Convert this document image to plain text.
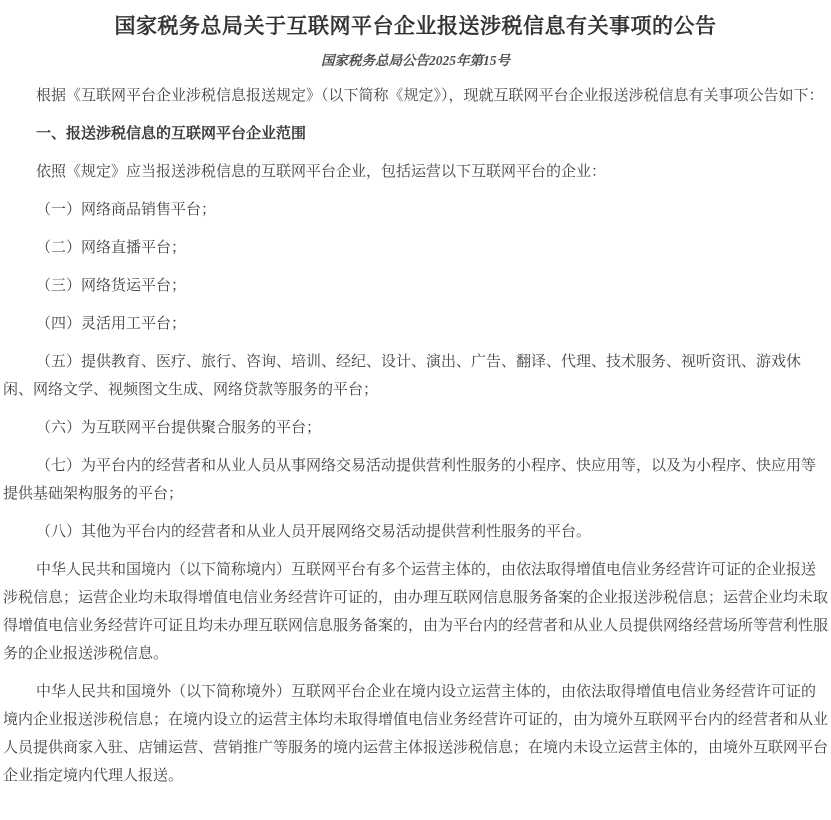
国家税务总局关于互联网平台企业报送涉税信息有关事项的公告
国家税务总局公告2025年第15号

根据《互联网平台企业涉税信息报送规定》（以下简称《规定》），现就互联网平台企业报送涉税信息有关事项公告如下：

一、报送涉税信息的互联网平台企业范围

依照《规定》应当报送涉税信息的互联网平台企业，包括运营以下互联网平台的企业：

（一）网络商品销售平台；

（二）网络直播平台；

（三）网络货运平台；

（四）灵活用工平台；

（五）提供教育、医疗、旅行、咨询、培训、经纪、设计、演出、广告、翻译、代理、技术服务、视听资讯、游戏休闲、网络文学、视频图文生成、网络贷款等服务的平台；

（六）为互联网平台提供聚合服务的平台；

（七）为平台内的经营者和从业人员从事网络交易活动提供营利性服务的小程序、快应用等，以及为小程序、快应用等提供基础架构服务的平台；

（八）其他为平台内的经营者和从业人员开展网络交易活动提供营利性服务的平台。

中华人民共和国境内（以下简称境内）互联网平台有多个运营主体的，由依法取得增值电信业务经营许可证的企业报送涉税信息；运营企业均未取得增值电信业务经营许可证的，由办理互联网信息服务备案的企业报送涉税信息；运营企业均未取得增值电信业务经营许可证且均未办理互联网信息服务备案的，由为平台内的经营者和从业人员提供网络经营场所等营利性服务的企业报送涉税信息。

中华人民共和国境外（以下简称境外）互联网平台企业在境内设立运营主体的，由依法取得增值电信业务经营许可证的境内企业报送涉税信息；在境内设立的运营主体均未取得增值电信业务经营许可证的，由为境外互联网平台内的经营者和从业人员提供商家入驻、店铺运营、营销推广等服务的境内运营主体报送涉税信息；在境内未设立运营主体的，由境外互联网平台企业指定境内代理人报送。
